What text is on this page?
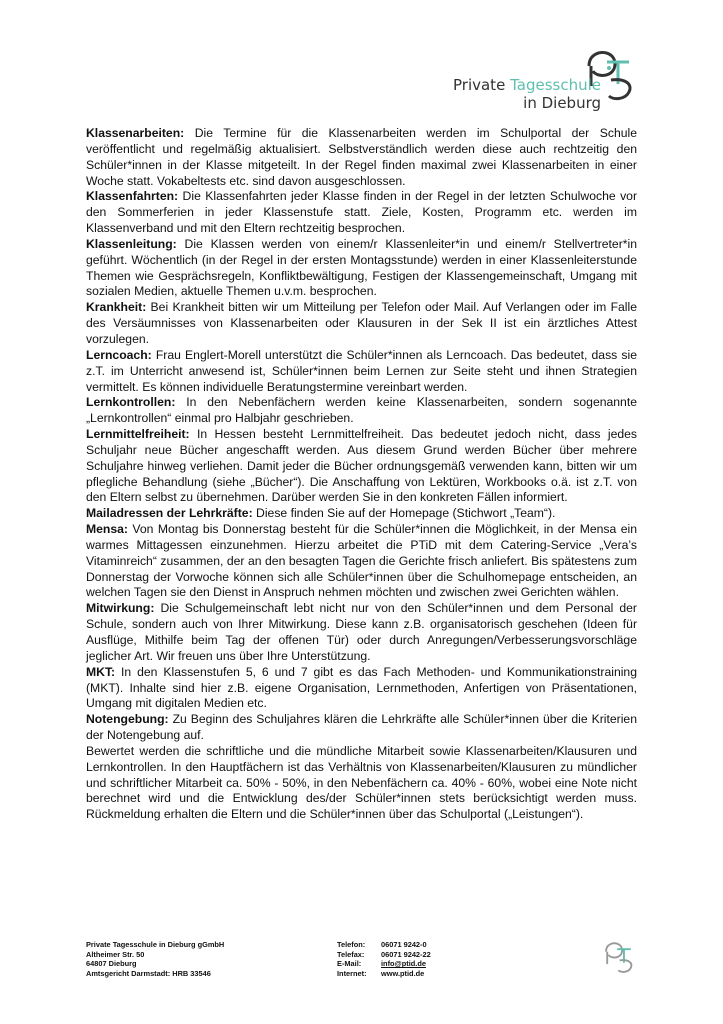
Private Tagesschule
in Dieburg

Klassenarbeiten: Die Termine für die Klassenarbeiten werden im Schulportal der Schule veröffentlicht und regelmäßig aktualisiert. Selbstverständlich werden diese auch rechtzeitig den Schüler*innen in der Klasse mitgeteilt. In der Regel finden maximal zwei Klassenarbeiten in einer Woche statt. Vokabeltests etc. sind davon ausgeschlossen.

Klassenfahrten: Die Klassenfahrten jeder Klasse finden in der Regel in der letzten Schulwoche vor den Sommerferien in jeder Klassenstufe statt. Ziele, Kosten, Programm etc. werden im Klassenverband und mit den Eltern rechtzeitig besprochen.

Klassenleitung: Die Klassen werden von einem/r Klassenleiter*in und einem/r Stellvertreter*in geführt. Wöchentlich (in der Regel in der ersten Montagsstunde) werden in einer Klassenleiterstunde Themen wie Gesprächsregeln, Konfliktbewältigung, Festigen der Klassengemeinschaft, Umgang mit sozialen Medien, aktuelle Themen u.v.m. besprochen.

Krankheit: Bei Krankheit bitten wir um Mitteilung per Telefon oder Mail. Auf Verlangen oder im Falle des Versäumnisses von Klassenarbeiten oder Klausuren in der Sek II ist ein ärztliches Attest vorzulegen.

Lerncoach: Frau Englert-Morell unterstützt die Schüler*innen als Lerncoach. Das bedeutet, dass sie z.T. im Unterricht anwesend ist, Schüler*innen beim Lernen zur Seite steht und ihnen Strategien vermittelt. Es können individuelle Beratungstermine vereinbart werden.

Lernkontrollen: In den Nebenfächern werden keine Klassenarbeiten, sondern sogenannte „Lernkontrollen“ einmal pro Halbjahr geschrieben.

Lernmittelfreiheit: In Hessen besteht Lernmittelfreiheit. Das bedeutet jedoch nicht, dass jedes Schuljahr neue Bücher angeschafft werden. Aus diesem Grund werden Bücher über mehrere Schuljahre hinweg verliehen. Damit jeder die Bücher ordnungsgemäß verwenden kann, bitten wir um pflegliche Behandlung (siehe „Bücher“). Die Anschaffung von Lektüren, Workbooks o.ä. ist z.T. von den Eltern selbst zu übernehmen. Darüber werden Sie in den konkreten Fällen informiert.

Mailadressen der Lehrkräfte: Diese finden Sie auf der Homepage (Stichwort „Team“).

Mensa: Von Montag bis Donnerstag besteht für die Schüler*innen die Möglichkeit, in der Mensa ein warmes Mittagessen einzunehmen. Hierzu arbeitet die PTiD mit dem Catering-Service „Vera’s Vitaminreich“ zusammen, der an den besagten Tagen die Gerichte frisch anliefert. Bis spätestens zum Donnerstag der Vorwoche können sich alle Schüler*innen über die Schulhomepage entscheiden, an welchen Tagen sie den Dienst in Anspruch nehmen möchten und zwischen zwei Gerichten wählen.

Mitwirkung: Die Schulgemeinschaft lebt nicht nur von den Schüler*innen und dem Personal der Schule, sondern auch von Ihrer Mitwirkung. Diese kann z.B. organisatorisch geschehen (Ideen für Ausflüge, Mithilfe beim Tag der offenen Tür) oder durch Anregungen/Verbesserungsvorschläge jeglicher Art. Wir freuen uns über Ihre Unterstützung.

MKT: In den Klassenstufen 5, 6 und 7 gibt es das Fach Methoden- und Kommunikationstraining (MKT). Inhalte sind hier z.B. eigene Organisation, Lernmethoden, Anfertigen von Präsentationen, Umgang mit digitalen Medien etc.

Notengebung: Zu Beginn des Schuljahres klären die Lehrkräfte alle Schüler*innen über die Kriterien der Notengebung auf.

Bewertet werden die schriftliche und die mündliche Mitarbeit sowie Klassenarbeiten/Klausuren und Lernkontrollen. In den Hauptfächern ist das Verhältnis von Klassenarbeiten/Klausuren zu mündlicher und schriftlicher Mitarbeit ca. 50% - 50%, in den Nebenfächern ca. 40% - 60%, wobei eine Note nicht berechnet wird und die Entwicklung des/der Schüler*innen stets berücksichtigt werden muss. Rückmeldung erhalten die Eltern und die Schüler*innen über das Schulportal („Leistungen“).

Private Tagesschule in Dieburg gGmbH
Altheimer Str. 50
64807 Dieburg
Amtsgericht Darmstadt: HRB 33546
Telefon:	06071 9242-0
Telefax:	06071 9242-22
E-Mail:	info@ptid.de
Internet:	www.ptid.de
